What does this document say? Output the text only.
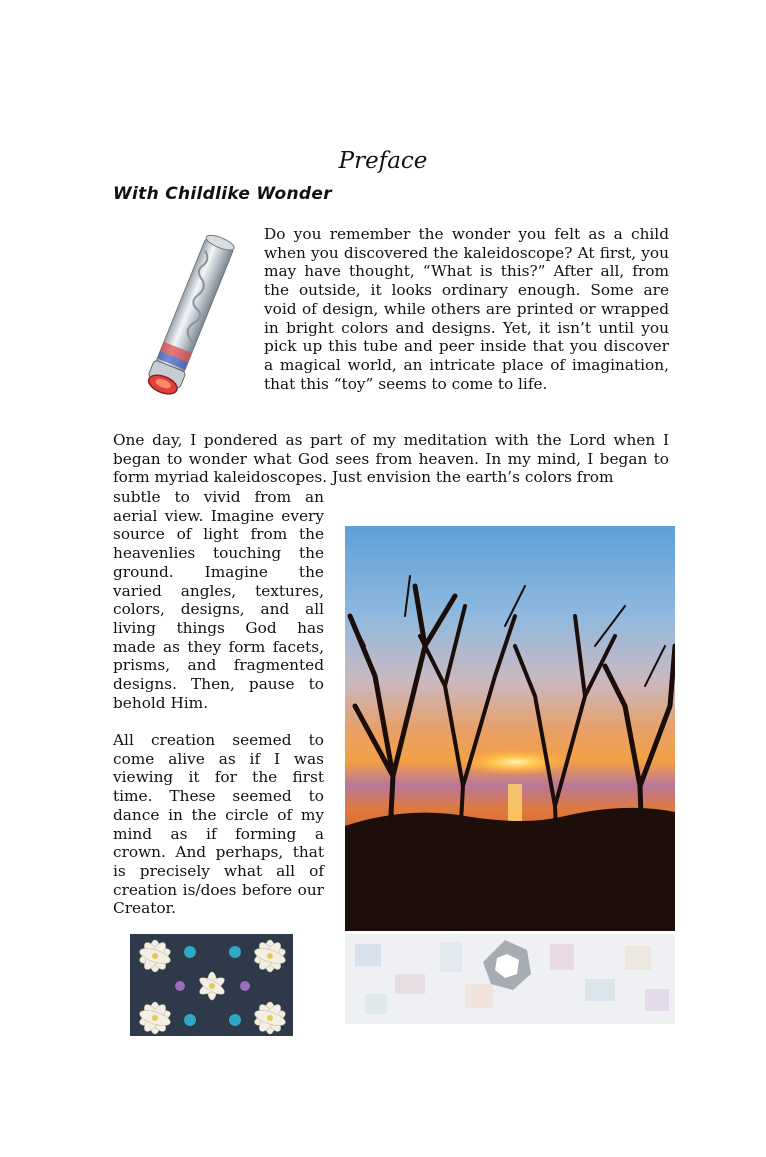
Preface
With Childlike Wonder

Do you remember the wonder you felt as a child when you discovered the kaleidoscope? At first, you may have thought, “What is this?” After all, from the outside, it looks ordinary enough. Some are void of design, while others are printed or wrapped in bright colors and designs. Yet, it isn’t until you pick up this tube and peer inside that you discover a magical world, an intricate place of imagination, that this “toy” seems to come to life.

One day, I pondered as part of my meditation with the Lord when I began to wonder what God sees from heaven. In my mind, I began to form myriad kaleidoscopes. Just envision the earth’s colors from

subtle to vivid from an aerial view. Imagine every source of light from the heavenlies touching the ground. Imagine the varied angles, textures, colors, designs, and all living things God has made as they form facets, prisms, and fragmented designs. Then, pause to behold Him.

All creation seemed to come alive as if I was viewing it for the first time. These seemed to dance in the circle of my mind as if forming a crown. And perhaps, that is precisely what all of creation is/does before our Creator.
